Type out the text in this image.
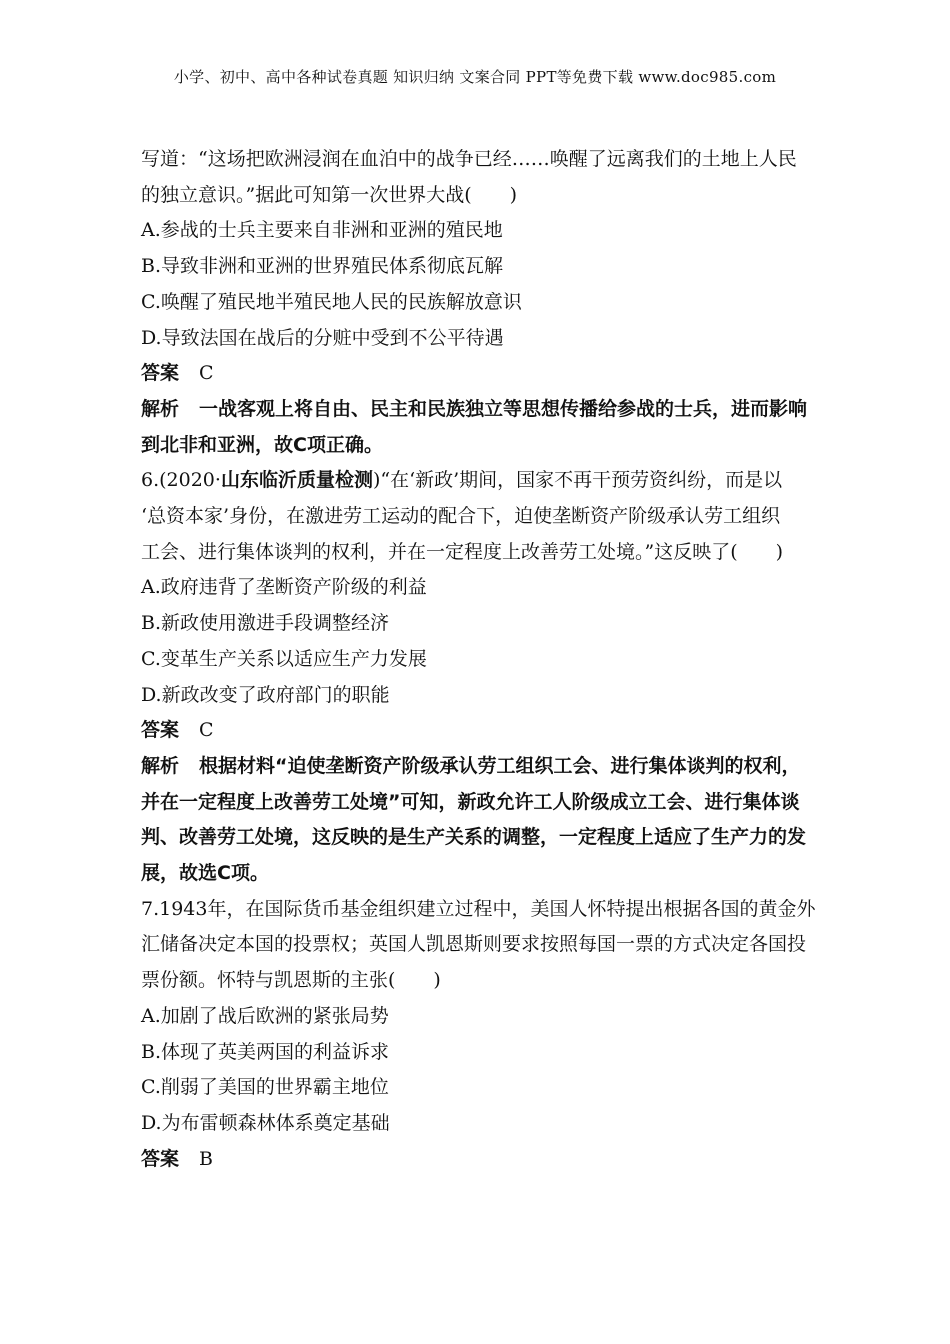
小学、初中、高中各种试卷真题 知识归纳 文案合同 PPT等免费下载 www.doc985.com

写道：“这场把欧洲浸润在血泊中的战争已经……唤醒了远离我们的土地上人民

的独立意识。”据此可知第一次世界大战(　　)

A.参战的士兵主要来自非洲和亚洲的殖民地

B.导致非洲和亚洲的世界殖民体系彻底瓦解

C.唤醒了殖民地半殖民地人民的民族解放意识

D.导致法国在战后的分赃中受到不公平待遇

答案 C

解析 一战客观上将自由、民主和民族独立等思想传播给参战的士兵，进而影响

到北非和亚洲，故C项正确。

6.(2020·山东临沂质量检测)“在‘新政’期间，国家不再干预劳资纠纷，而是以

‘总资本家’身份，在激进劳工运动的配合下，迫使垄断资产阶级承认劳工组织

工会、进行集体谈判的权利，并在一定程度上改善劳工处境。”这反映了(　　)

A.政府违背了垄断资产阶级的利益

B.新政使用激进手段调整经济

C.变革生产关系以适应生产力发展

D.新政改变了政府部门的职能

答案 C

解析 根据材料“迫使垄断资产阶级承认劳工组织工会、进行集体谈判的权利，

并在一定程度上改善劳工处境”可知，新政允许工人阶级成立工会、进行集体谈

判、改善劳工处境，这反映的是生产关系的调整，一定程度上适应了生产力的发

展，故选C项。

7.1943年，在国际货币基金组织建立过程中，美国人怀特提出根据各国的黄金外

汇储备决定本国的投票权；英国人凯恩斯则要求按照每国一票的方式决定各国投

票份额。怀特与凯恩斯的主张(　　)

A.加剧了战后欧洲的紧张局势

B.体现了英美两国的利益诉求

C.削弱了美国的世界霸主地位

D.为布雷顿森林体系奠定基础

答案 B
